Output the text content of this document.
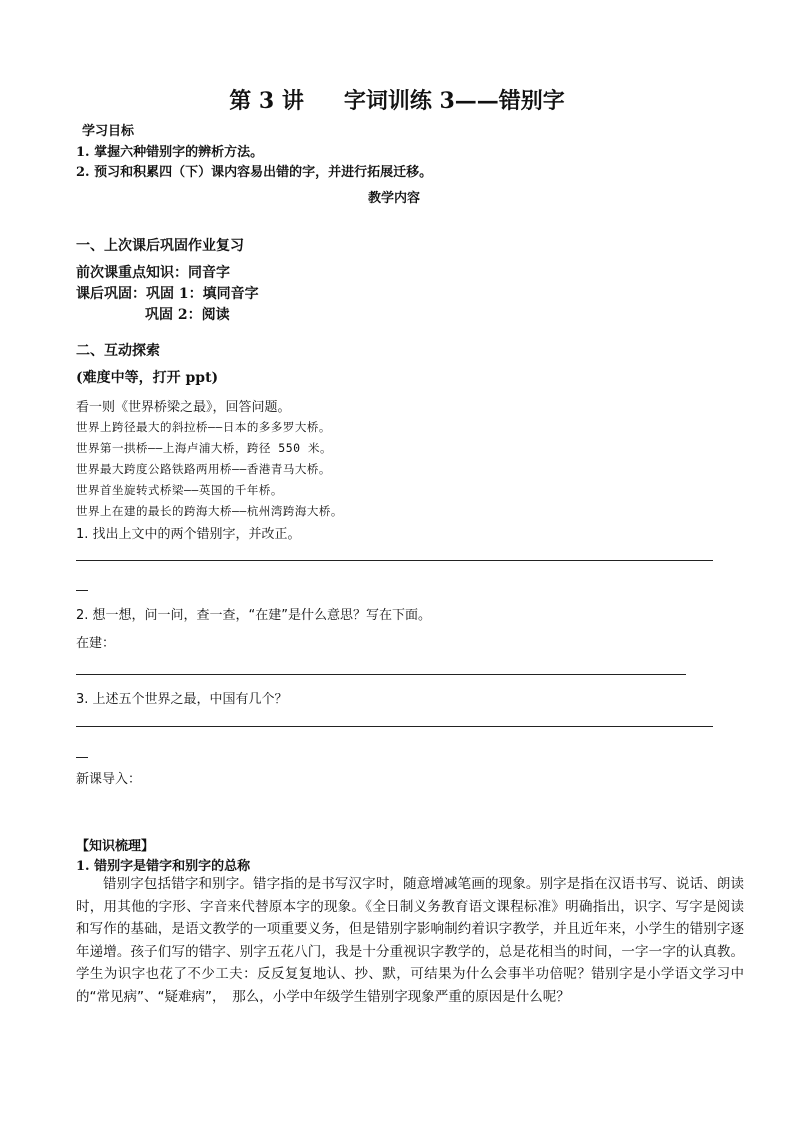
第 3 讲 字词训练 3——错别字
学习目标
1. 掌握六种错别字的辨析方法。
2. 预习和积累四（下）课内容易出错的字，并进行拓展迁移。
教学内容
一、上次课后巩固作业复习
前次课重点知识：同音字
课后巩固：巩固 1：填同音字
巩固 2：阅读
二、互动探索
(难度中等，打开 ppt)
看一则《世界桥梁之最》，回答问题。
世界上跨径最大的斜拉桥——日本的多多罗大桥。
世界第一拱桥——上海卢浦大桥，跨径 550 米。
世界最大跨度公路铁路两用桥——香港青马大桥。
世界首坐旋转式桥梁——英国的千年桥。
世界上在建的最长的跨海大桥——杭州湾跨海大桥。
1. 找出上文中的两个错别字，并改正。
2. 想一想，问一问，查一查，“在建”是什么意思？写在下面。
在建：
3. 上述五个世界之最，中国有几个？
新课导入：
【知识梳理】
1. 错别字是错字和别字的总称
错别字包括错字和别字。错字指的是书写汉字时，随意增减笔画的现象。别字是指在汉语书写、说话、朗读时，用其他的字形、字音来代替原本字的现象。《全日制义务教育语文课程标准》明确指出，识字、写字是阅读和写作的基础，是语文教学的一项重要义务，但是错别字影响制约着识字教学，并且近年来，小学生的错别字逐年递增。孩子们写的错字、别字五花八门，我是十分重视识字教学的，总是花相当的时间，一字一字的认真教。学生为识字也花了不少工夫：反反复复地认、抄、默，可结果为什么会事半功倍呢？错别字是小学语文学习中的“常见病”、“疑难病”，　那么，小学中年级学生错别字现象严重的原因是什么呢？
